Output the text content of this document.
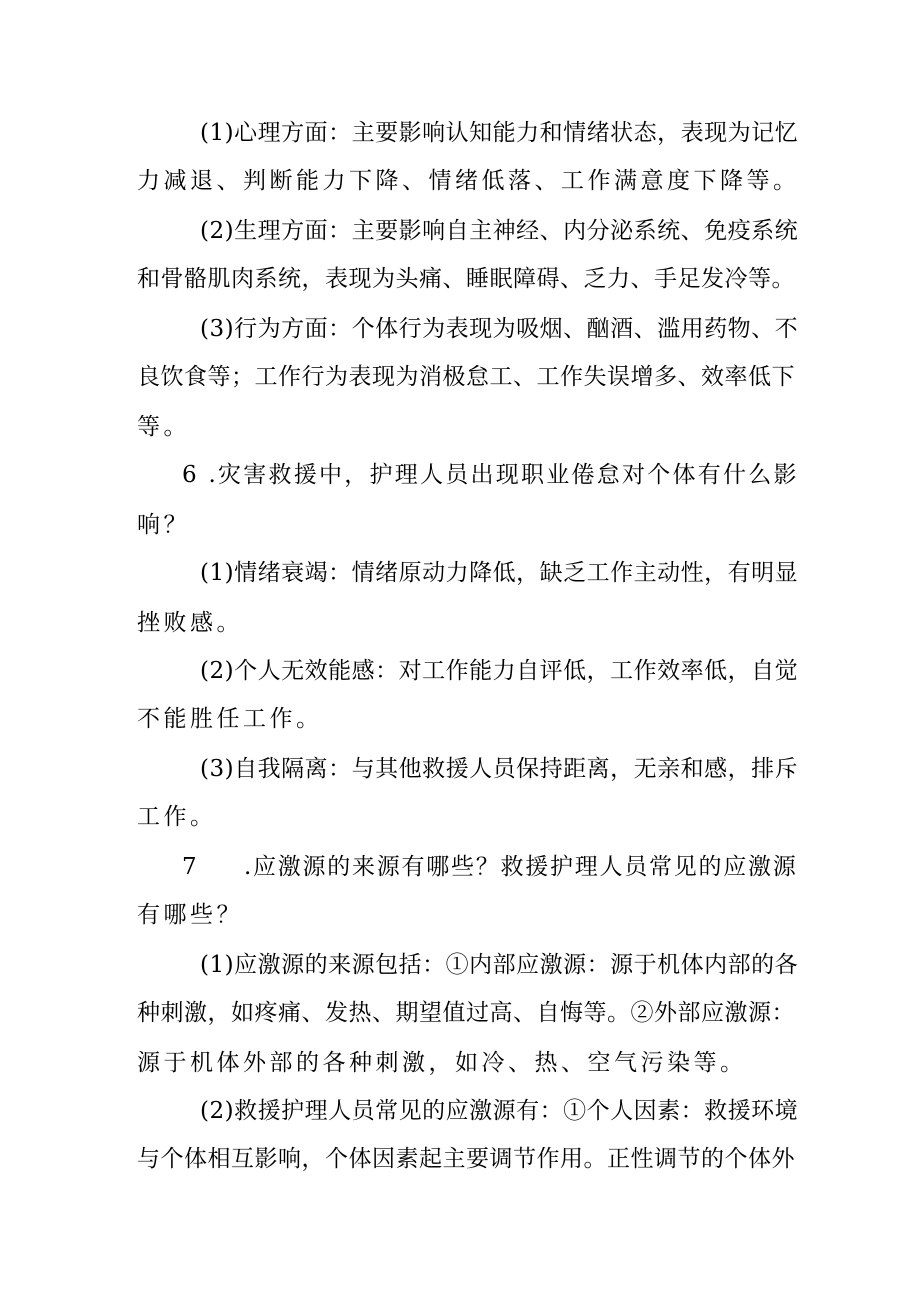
(1)心理方面：主要影响认知能力和情绪状态，表现为记忆
力减退、判断能力下降、情绪低落、工作满意度下降等。
(2)生理方面：主要影响自主神经、内分泌系统、免疫系统
和骨骼肌肉系统，表现为头痛、睡眠障碍、乏力、手足发冷等。
(3)行为方面：个体行为表现为吸烟、酗酒、滥用药物、不
良饮食等；工作行为表现为消极怠工、工作失误增多、效率低下
等。
6 .灾害救援中，护理人员出现职业倦怠对个体有什么影
响？
(1)情绪衰竭：情绪原动力降低，缺乏工作主动性，有明显
挫败感。
(2)个人无效能感：对工作能力自评低，工作效率低，自觉
不能胜任工作。
(3)自我隔离：与其他救援人员保持距离，无亲和感，排斥
工作。
7 .应激源的来源有哪些？救援护理人员常见的应激源
有哪些？
(1)应激源的来源包括：①内部应激源：源于机体内部的各
种刺激，如疼痛、发热、期望值过高、自悔等。②外部应激源：
源于机体外部的各种刺激，如冷、热、空气污染等。
(2)救援护理人员常见的应激源有：①个人因素：救援环境
与个体相互影响，个体因素起主要调节作用。正性调节的个体外
